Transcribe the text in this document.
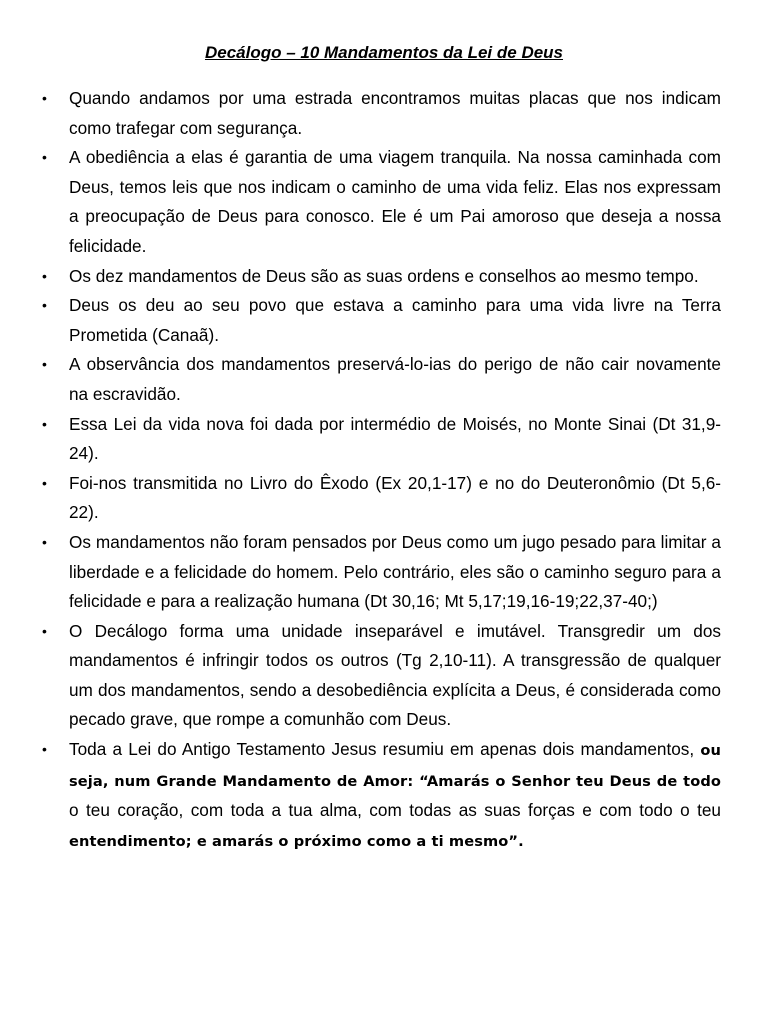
Decálogo – 10 Mandamentos da Lei de Deus
• Quando andamos por uma estrada encontramos muitas placas que nos indicam como trafegar com segurança.
• A obediência a elas é garantia de uma viagem tranquila. Na nossa caminhada com Deus, temos leis que nos indicam o caminho de uma vida feliz. Elas nos expressam a preocupação de Deus para conosco. Ele é um Pai amoroso que deseja a nossa felicidade.
• Os dez mandamentos de Deus são as suas ordens e conselhos ao mesmo tempo.
• Deus os deu ao seu povo que estava a caminho para uma vida livre na Terra Prometida (Canaã).
• A observância dos mandamentos preservá-lo-ias do perigo de não cair novamente na escravidão.
• Essa Lei da vida nova foi dada por intermédio de Moisés, no Monte Sinai (Dt 31,9-24).
• Foi-nos transmitida no Livro do Êxodo (Ex 20,1-17) e no do Deuteronômio (Dt 5,6-22).
• Os mandamentos não foram pensados por Deus como um jugo pesado para limitar a liberdade e a felicidade do homem. Pelo contrário, eles são o caminho seguro para a felicidade e para a realização humana (Dt 30,16; Mt 5,17;19,16-19;22,37-40;)
• O Decálogo forma uma unidade inseparável e imutável. Transgredir um dos mandamentos é infringir todos os outros (Tg 2,10-11). A transgressão de qualquer um dos mandamentos, sendo a desobediência explícita a Deus, é considerada como pecado grave, que rompe a comunhão com Deus.
• Toda a Lei do Antigo Testamento Jesus resumiu em apenas dois mandamentos, ou seja, num Grande Mandamento de Amor: “Amarás o Senhor teu Deus de todo o teu coração, com toda a tua alma, com todas as suas forças e com todo o teu entendimento; e amarás o próximo como a ti mesmo”.
